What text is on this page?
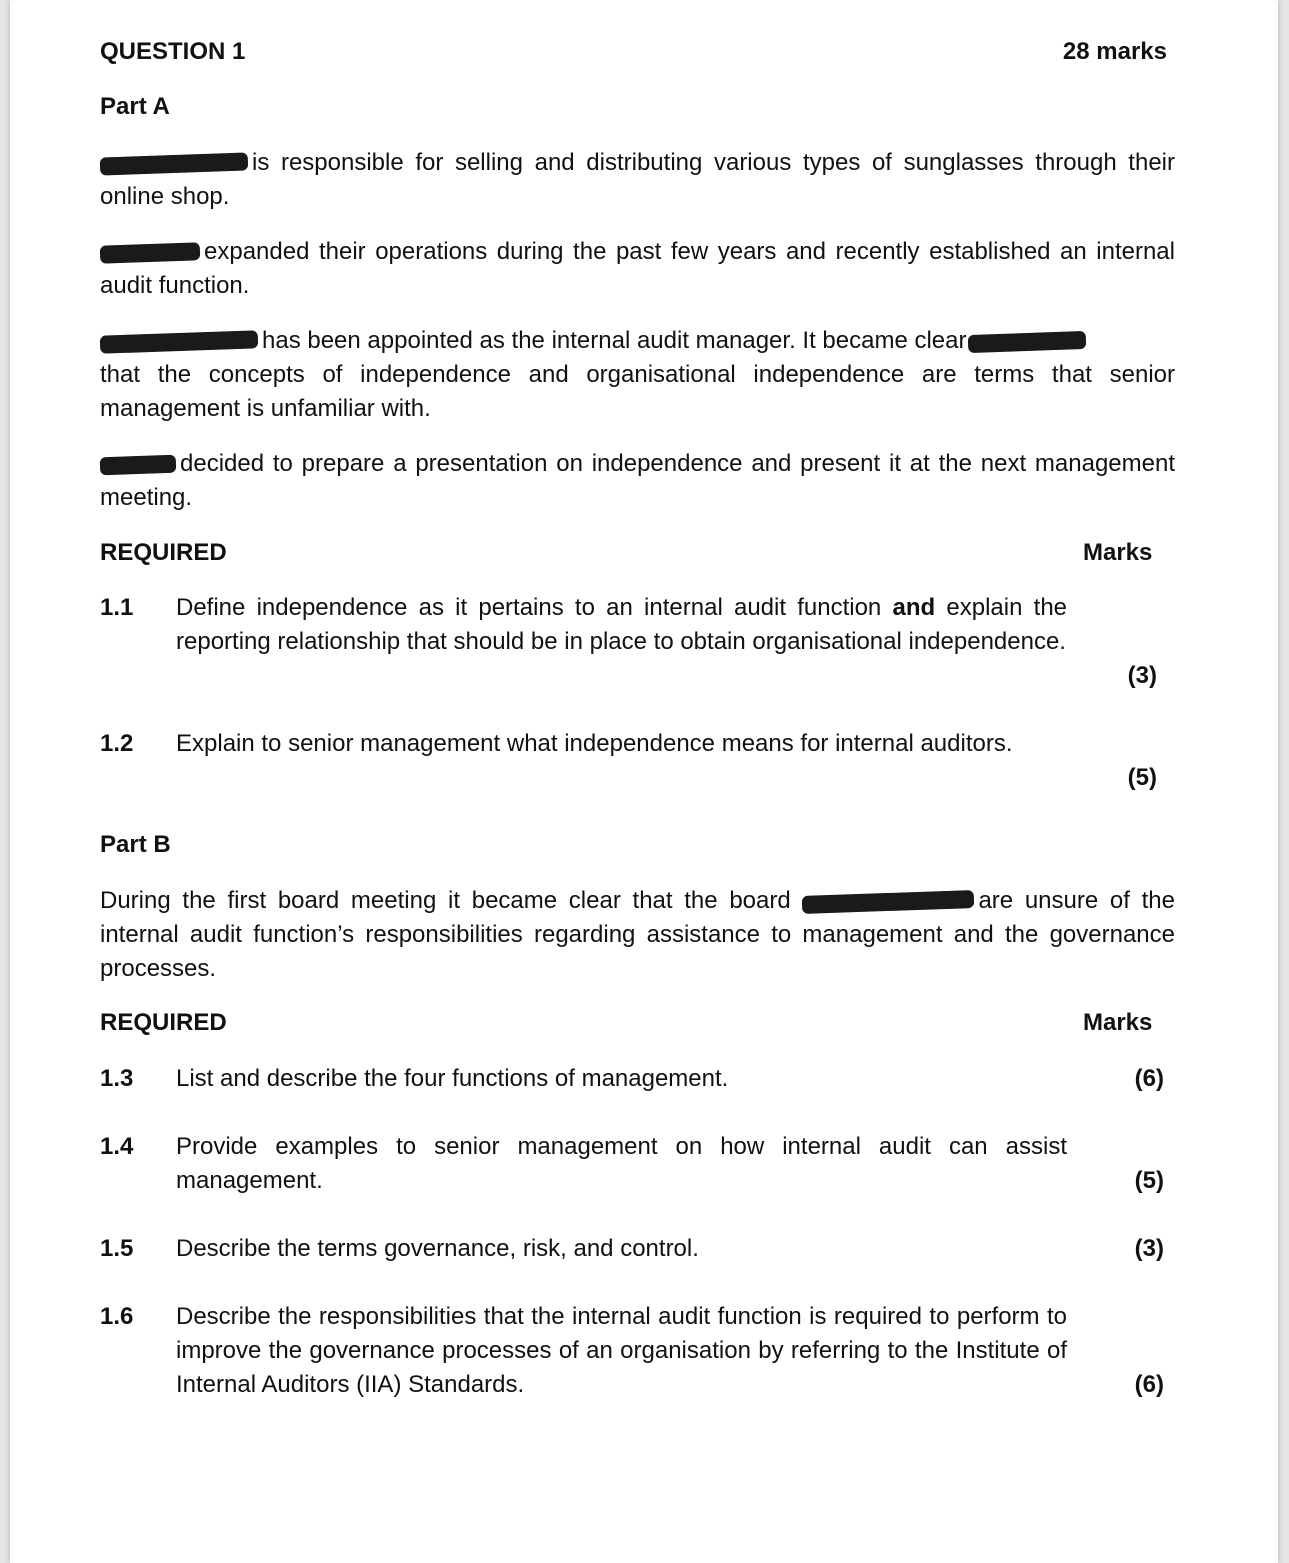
QUESTION 1	28 marks
Part A
is responsible for selling and distributing various types of sunglasses through their online shop.
expanded their operations during the past few years and recently established an internal audit function.
has been appointed as the internal audit manager. It became clear
that the concepts of independence and organisational independence are terms that senior management is unfamiliar with.
decided to prepare a presentation on independence and present it at the next management meeting.
REQUIRED	Marks
1.1 Define independence as it pertains to an internal audit function and explain the reporting relationship that should be in place to obtain organisational independence.
(3)
1.2 Explain to senior management what independence means for internal auditors.
(5)
Part B
During the first board meeting it became clear that the board	are unsure of the internal audit function’s responsibilities regarding assistance to management and the governance processes.
REQUIRED	Marks
1.3 List and describe the four functions of management.	(6)
1.4 Provide examples to senior management on how internal audit can assist management.	(5)
1.5 Describe the terms governance, risk, and control.	(3)
1.6 Describe the responsibilities that the internal audit function is required to perform to improve the governance processes of an organisation by referring to the Institute of Internal Auditors (IIA) Standards.	(6)
